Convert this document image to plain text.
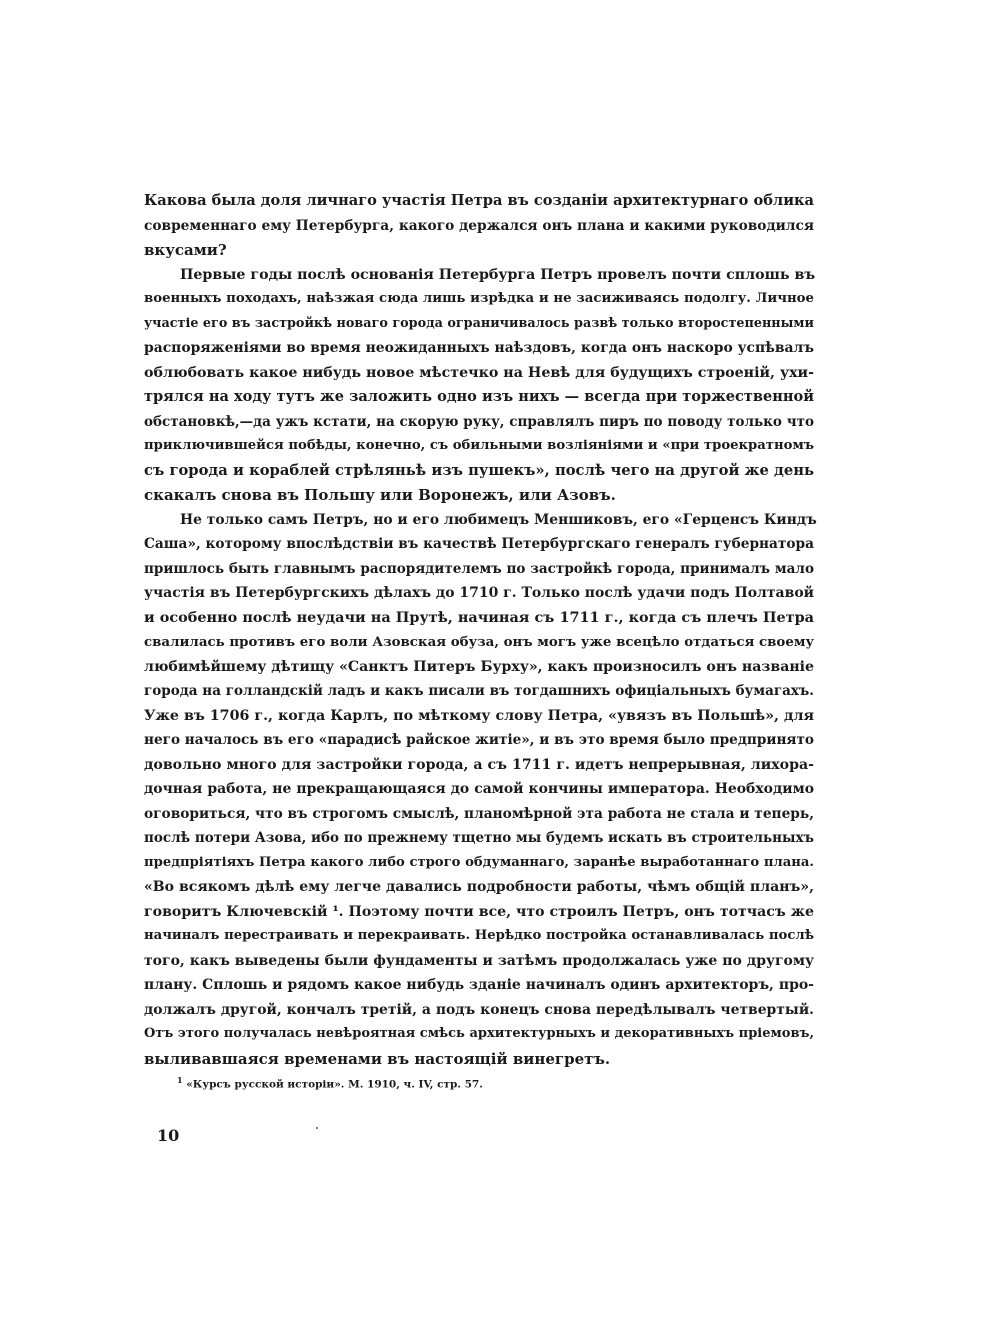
Какова была доля личнаго участія Петра въ созданіи архитектурнаго облика
современнаго ему Петербурга, какого держался онъ плана и какими руководился
вкусами?
Первые годы послѣ основанія Петербурга Петръ провелъ почти сплошь въ
военныхъ походахъ, наѣзжая сюда лишь изрѣдка и не засиживаясь подолгу. Личное
участіе его въ застройкѣ новаго города ограничивалось развѣ только второстепенными
распоряженіями во время неожиданныхъ наѣздовъ, когда онъ наскоро успѣвалъ
облюбовать какое нибудь новое мѣстечко на Невѣ для будущихъ строеній, ухи-
трялся на ходу тутъ же заложить одно изъ нихъ — всегда при торжественной
обстановкѣ,—да ужъ кстати, на скорую руку, справлялъ пиръ по поводу только что
приключившейся побѣды, конечно, съ обильными возліяніями и «при троекратномъ
съ города и кораблей стрѣляньѣ изъ пушекъ», послѣ чего на другой же день
скакалъ снова въ Польшу или Воронежъ, или Азовъ.
Не только самъ Петръ, но и его любимецъ Меншиковъ, его «Герценсъ Киндъ
Саша», которому впослѣдствіи въ качествѣ Петербургскаго генералъ губернатора
пришлось быть главнымъ распорядителемъ по застройкѣ города, принималъ мало
участія въ Петербургскихъ дѣлахъ до 1710 г. Только послѣ удачи подъ Полтавой
и особенно послѣ неудачи на Прутѣ, начиная съ 1711 г., когда съ плечъ Петра
свалилась противъ его воли Азовская обуза, онъ могъ уже всецѣло отдаться своему
любимѣйшему дѣтищу «Санктъ Питеръ Бурху», какъ произносилъ онъ названіе
города на голландскій ладъ и какъ писали въ тогдашнихъ офиціальныхъ бумагахъ.
Уже въ 1706 г., когда Карлъ, по мѣткому слову Петра, «увязъ въ Польшѣ», для
него началось въ его «парадисѣ райское житіе», и въ это время было предпринято
довольно много для застройки города, а съ 1711 г. идетъ непрерывная, лихора-
дочная работа, не прекращающаяся до самой кончины императора. Необходимо
оговориться, что въ строгомъ смыслѣ, планомѣрной эта работа не стала и теперь,
послѣ потери Азова, ибо по прежнему тщетно мы будемъ искать въ строительныхъ
предпріятіяхъ Петра какого либо строго обдуманнаго, заранѣе выработаннаго плана.
«Во всякомъ дѣлѣ ему легче давались подробности работы, чѣмъ общій планъ»,
говоритъ Ключевскій ¹. Поэтому почти все, что строилъ Петръ, онъ тотчасъ же
начиналъ перестраивать и перекраивать. Нерѣдко постройка останавливалась послѣ
того, какъ выведены были фундаменты и затѣмъ продолжалась уже по другому
плану. Сплошь и рядомъ какое нибудь зданіе начиналъ одинъ архитекторъ, про-
должалъ другой, кончалъ третій, а подъ конецъ снова передѣлывалъ четвертый.
Отъ этого получалась невѣроятная смѣсь архитектурныхъ и декоративныхъ пріемовъ,
выливавшаяся временами въ настоящій винегретъ.
$^1$ «Курсъ русской исторіи». М. 1910, ч. IV, стр. 57.
10
